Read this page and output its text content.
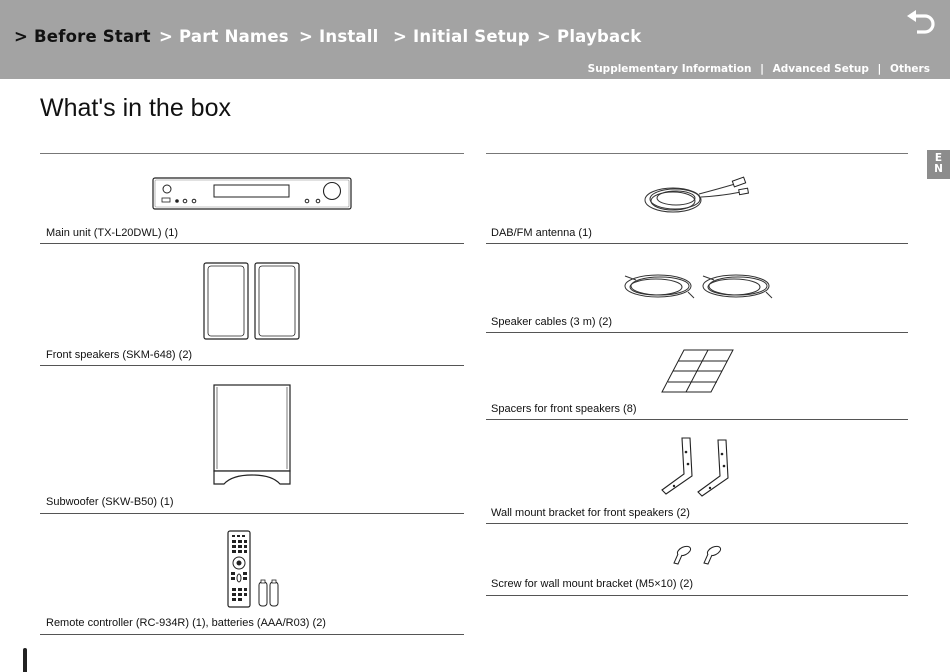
> Before Start > Part Names > Install > Initial Setup > Playback
Supplementary Information | Advanced Setup | Others
What's in the box
E
N
Main unit (TX-L20DWL) (1)
Front speakers (SKM-648) (2)
Subwoofer (SKW-B50) (1)
Remote controller (RC-934R) (1), batteries (AAA/R03) (2)
DAB/FM antenna (1)
Speaker cables (3 m) (2)
Spacers for front speakers (8)
Wall mount bracket for front speakers (2)
Screw for wall mount bracket (M5×10) (2)
